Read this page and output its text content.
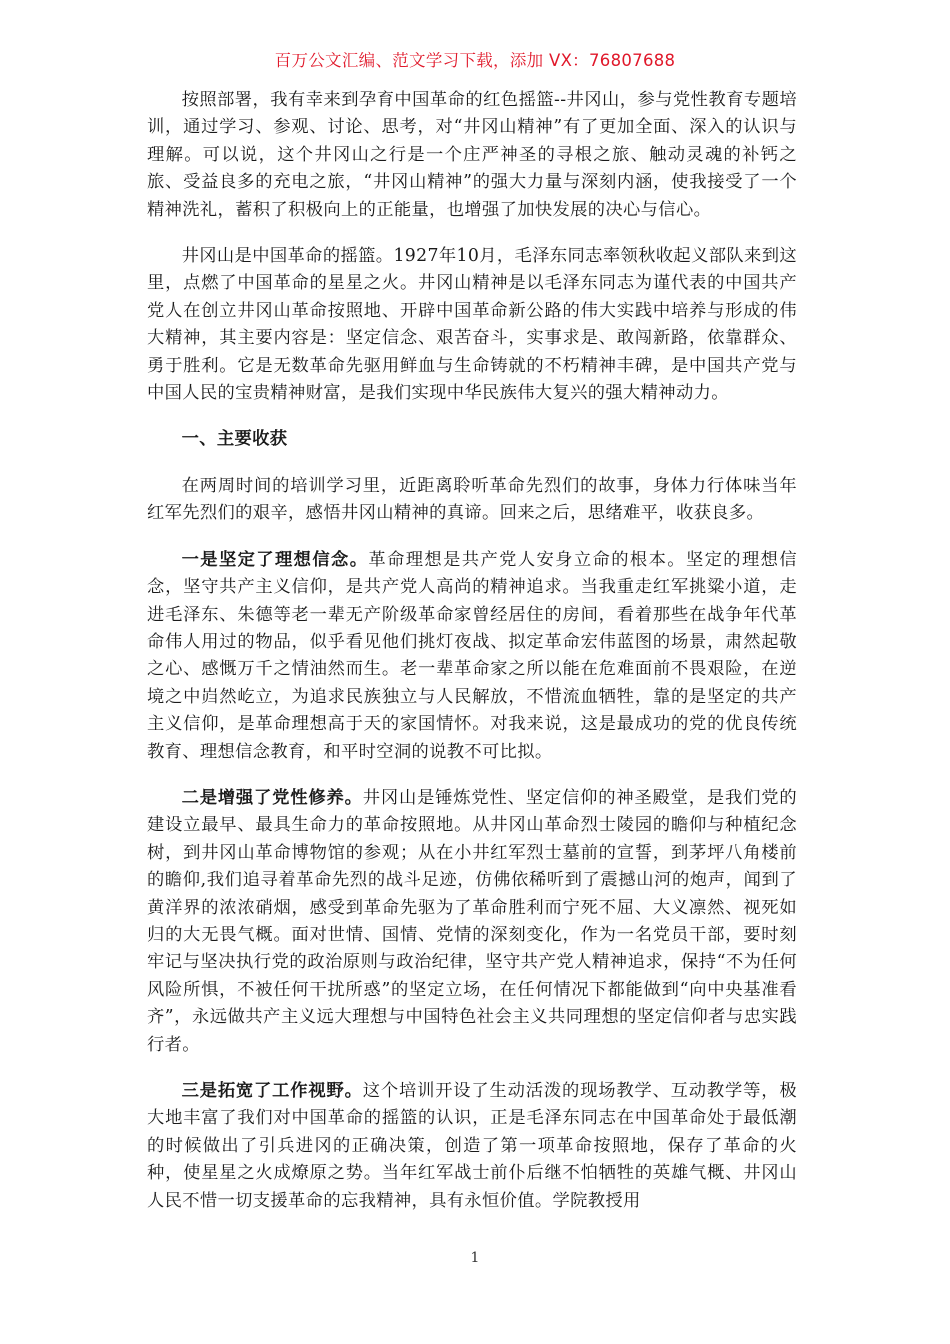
百万公文汇编、范文学习下载，添加 VX：76807688

按照部署，我有幸来到孕育中国革命的红色摇篮--井冈山，参与党性教育专题培训，通过学习、参观、讨论、思考，对“井冈山精神”有了更加全面、深入的认识与理解。可以说，这个井冈山之行是一个庄严神圣的寻根之旅、触动灵魂的补钙之旅、受益良多的充电之旅，“井冈山精神”的强大力量与深刻内涵，使我接受了一个精神洗礼，蓄积了积极向上的正能量，也增强了加快发展的决心与信心。

井冈山是中国革命的摇篮。1927年10月，毛泽东同志率领秋收起义部队来到这里，点燃了中国革命的星星之火。井冈山精神是以毛泽东同志为谨代表的中国共产党人在创立井冈山革命按照地、开辟中国革命新公路的伟大实践中培养与形成的伟大精神，其主要内容是：坚定信念、艰苦奋斗，实事求是、敢闯新路，依靠群众、勇于胜利。它是无数革命先驱用鲜血与生命铸就的不朽精神丰碑，是中国共产党与中国人民的宝贵精神财富，是我们实现中华民族伟大复兴的强大精神动力。

一、主要收获

在两周时间的培训学习里，近距离聆听革命先烈们的故事，身体力行体味当年红军先烈们的艰辛，感悟井冈山精神的真谛。回来之后，思绪难平，收获良多。

一是坚定了理想信念。革命理想是共产党人安身立命的根本。坚定的理想信念，坚守共产主义信仰，是共产党人高尚的精神追求。当我重走红军挑粱小道，走进毛泽东、朱德等老一辈无产阶级革命家曾经居住的房间，看着那些在战争年代革命伟人用过的物品，似乎看见他们挑灯夜战、拟定革命宏伟蓝图的场景，肃然起敬之心、感慨万千之情油然而生。老一辈革命家之所以能在危难面前不畏艰险，在逆境之中岿然屹立，为追求民族独立与人民解放，不惜流血牺牲，靠的是坚定的共产主义信仰，是革命理想高于天的家国情怀。对我来说，这是最成功的党的优良传统教育、理想信念教育，和平时空洞的说教不可比拟。

二是增强了党性修养。井冈山是锤炼党性、坚定信仰的神圣殿堂，是我们党的建设立最早、最具生命力的革命按照地。从井冈山革命烈士陵园的瞻仰与种植纪念树，到井冈山革命博物馆的参观；从在小井红军烈士墓前的宣誓，到茅坪八角楼前的瞻仰,我们追寻着革命先烈的战斗足迹，仿佛依稀听到了震撼山河的炮声，闻到了黄洋界的浓浓硝烟，感受到革命先驱为了革命胜利而宁死不屈、大义凛然、视死如归的大无畏气概。面对世情、国情、党情的深刻变化，作为一名党员干部，要时刻牢记与坚决执行党的政治原则与政治纪律，坚守共产党人精神追求，保持“不为任何风险所惧，不被任何干扰所惑”的坚定立场，在任何情况下都能做到“向中央基准看齐”，永远做共产主义远大理想与中国特色社会主义共同理想的坚定信仰者与忠实践行者。

三是拓宽了工作视野。这个培训开设了生动活泼的现场教学、互动教学等，极大地丰富了我们对中国革命的摇篮的认识，正是毛泽东同志在中国革命处于最低潮的时候做出了引兵进冈的正确决策，创造了第一项革命按照地，保存了革命的火种，使星星之火成燎原之势。当年红军战士前仆后继不怕牺牲的英雄气概、井冈山人民不惜一切支援革命的忘我精神，具有永恒价值。学院教授用

1
